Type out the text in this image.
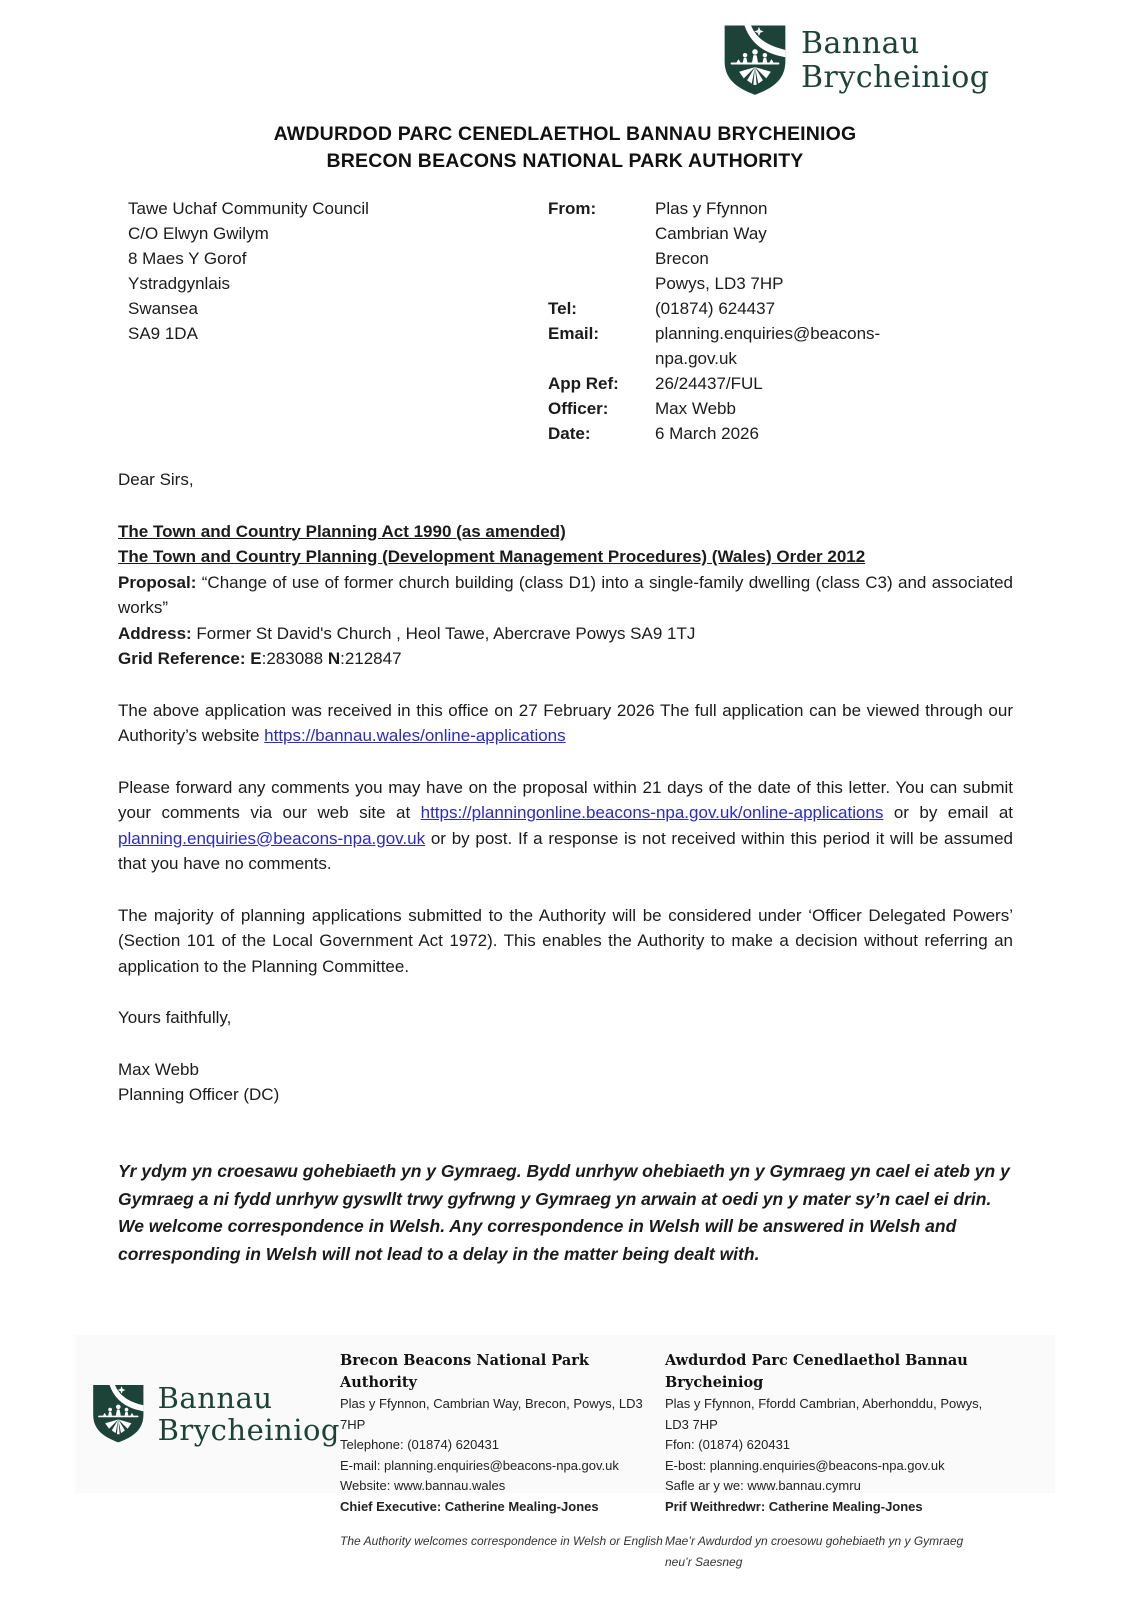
Bannau
Brycheiniog
AWDURDOD PARC CENEDLAETHOL BANNAU BRYCHEINIOG
BRECON BEACONS NATIONAL PARK AUTHORITY
Tawe Uchaf Community Council
C/O Elwyn Gwilym
8 Maes Y Gorof
Ystradgynlais
Swansea
SA9 1DA
From:	Plas y Ffynnon
Cambrian Way
Brecon
Powys, LD3 7HP
Tel:	(01874) 624437
Email:	planning.enquiries@beacons-
npa.gov.uk
App Ref:	26/24437/FUL
Officer:	Max Webb
Date:	6 March 2026

Dear Sirs,

The Town and Country Planning Act 1990 (as amended)

The Town and Country Planning (Development Management Procedures) (Wales) Order 2012

Proposal: “Change of use of former church building (class D1) into a single-family dwelling (class C3) and associated works”

Address: Former St David's Church , Heol Tawe, Abercrave Powys SA9 1TJ

Grid Reference: E:283088 N:212847

The above application was received in this office on 27 February 2026 The full application can be viewed through our Authority’s website https://bannau.wales/online-applications

Please forward any comments you may have on the proposal within 21 days of the date of this letter. You can submit your comments via our web site at https://planningonline.beacons-npa.gov.uk/online-applications or by email at planning.enquiries@beacons-npa.gov.uk or by post. If a response is not received within this period it will be assumed that you have no comments.

The majority of planning applications submitted to the Authority will be considered under ‘Officer Delegated Powers’ (Section 101 of the Local Government Act 1972). This enables the Authority to make a decision without referring an application to the Planning Committee.

Yours faithfully,

Max Webb

Planning Officer (DC)

Yr ydym yn croesawu gohebiaeth yn y Gymraeg. Bydd unrhyw ohebiaeth yn y Gymraeg yn cael ei ateb yn y Gymraeg a ni fydd unrhyw gyswllt trwy gyfrwng y Gymraeg yn arwain at oedi yn y mater sy’n cael ei drin.

We welcome correspondence in Welsh. Any correspondence in Welsh will be answered in Welsh and corresponding in Welsh will not lead to a delay in the matter being dealt with.

Bannau
Brycheiniog
Brecon Beacons National Park Authority
Plas y Ffynnon, Cambrian Way, Brecon, Powys, LD3 7HP
Telephone: (01874) 620431
E-mail: planning.enquiries@beacons-npa.gov.uk
Website: www.bannau.wales
Chief Executive: Catherine Mealing-Jones
The Authority welcomes correspondence in Welsh or English
Awdurdod Parc Cenedlaethol Bannau Brycheiniog
Plas y Ffynnon, Ffordd Cambrian, Aberhonddu, Powys, LD3 7HP
Ffon: (01874) 620431
E-bost: planning.enquiries@beacons-npa.gov.uk
Safle ar y we: www.bannau.cymru
Prif Weithredwr: Catherine Mealing-Jones
Mae’r Awdurdod yn croesowu gohebiaeth yn y Gymraeg neu’r Saesneg
